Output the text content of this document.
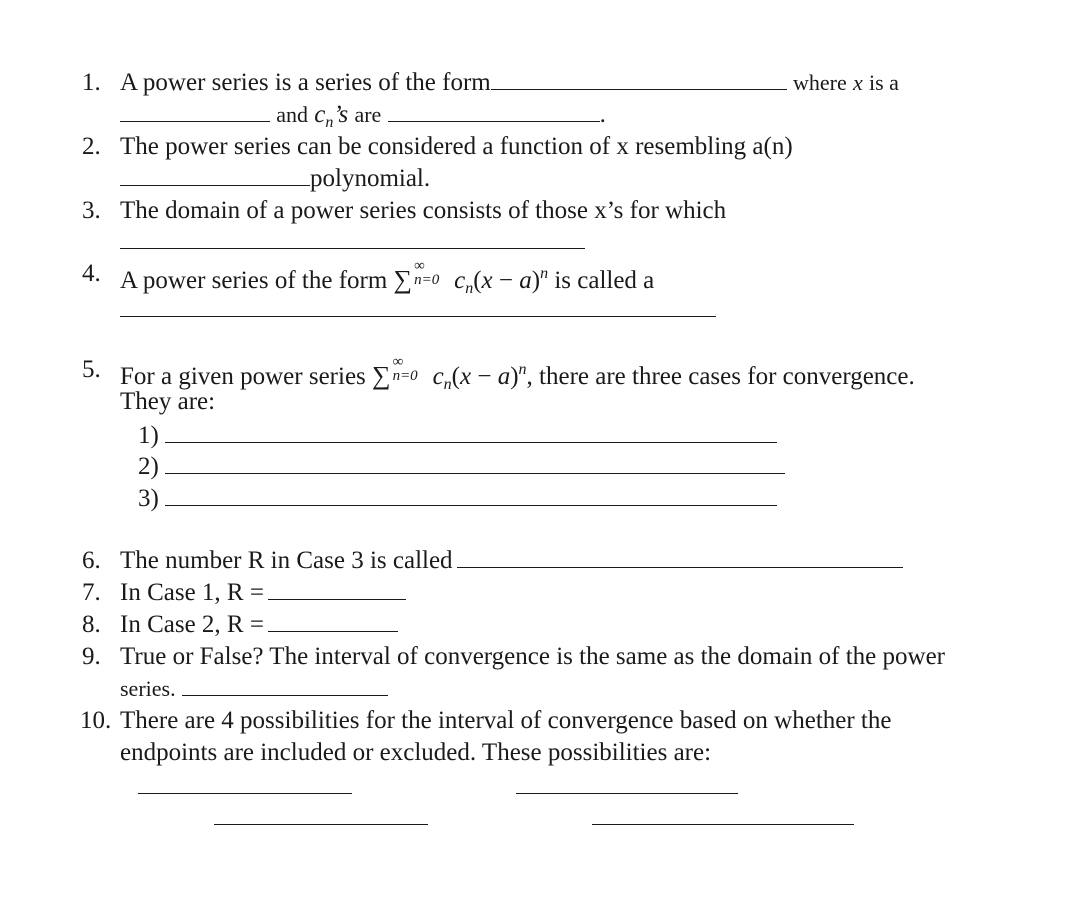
1. A power series is a series of the form	where x is a
and $c_n’s$ are	.
2. The power series can be considered a function of x resembling a(n)
polynomial.
3. The domain of a power series consists of those x’s for which
4. A power series of the form ∑ ∞
n=0 $c_n(x - a)^n$ is called a
5. For a given power series ∑ ∞
n=0 $c_n(x - a)^n$, there are three cases for convergence.
They are:
1)
2)
3)
6. The number R in Case 3 is called
7. In Case 1, R =
8. In Case 2, R =
9. True or False? The interval of convergence is the same as the domain of the power
series.
10. There are 4 possibilities for the interval of convergence based on whether the
endpoints are included or excluded. These possibilities are:
